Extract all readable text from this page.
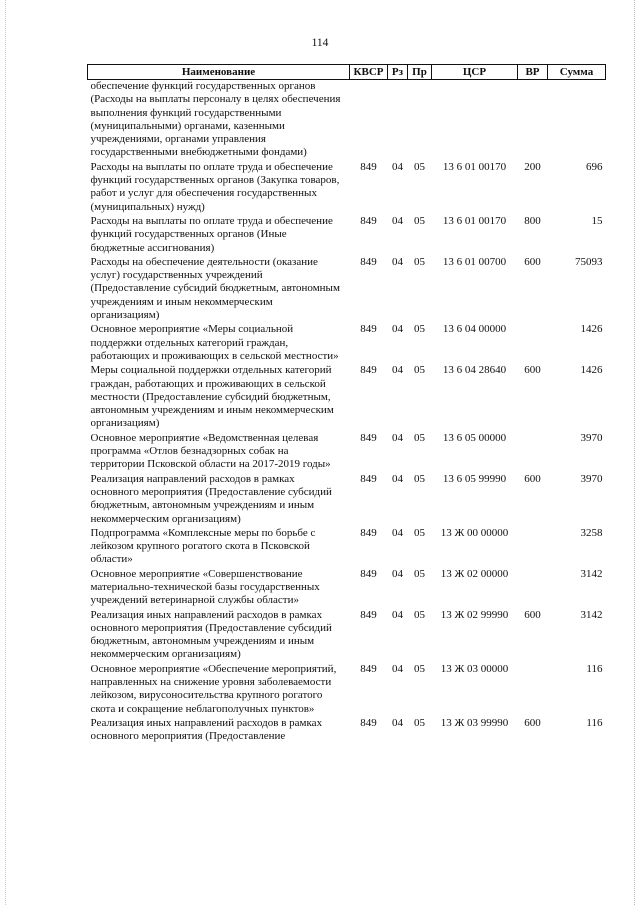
114
Наименование	КВСР	Рз	Пр	ЦСР	ВР	Сумма
обеспечение функций государственных органов (Расходы на выплаты персоналу в целях обеспечения выполнения функций государственными (муниципальными) органами, казенными учреждениями, органами управления государственными внебюджетными фондами)						
Расходы на выплаты по оплате труда и обеспечение функций государственных органов (Закупка товаров, работ и услуг для обеспечения государственных (муниципальных) нужд)	849	04	05	13 6 01 00170	200	696
Расходы на выплаты по оплате труда и обеспечение функций государственных органов (Иные бюджетные ассигнования)	849	04	05	13 6 01 00170	800	15
Расходы на обеспечение деятельности (оказание услуг) государственных учреждений (Предоставление субсидий бюджетным, автономным учреждениям и иным некоммерческим организациям)	849	04	05	13 6 01 00700	600	75093
Основное мероприятие «Меры социальной поддержки отдельных категорий граждан, работающих и проживающих в сельской местности»	849	04	05	13 6 04 00000		1426
Меры социальной поддержки отдельных категорий граждан, работающих и проживающих в сельской местности (Предоставление субсидий бюджетным, автономным учреждениям и иным некоммерческим организациям)	849	04	05	13 6 04 28640	600	1426
Основное мероприятие «Ведомственная целевая программа «Отлов безнадзорных собак на территории Псковской области на 2017-2019 годы»	849	04	05	13 6 05 00000		3970
Реализация направлений расходов в рамках основного мероприятия (Предоставление субсидий бюджетным, автономным учреждениям и иным некоммерческим организациям)	849	04	05	13 6 05 99990	600	3970
Подпрограмма «Комплексные меры по борьбе с лейкозом крупного рогатого скота в Псковской области»	849	04	05	13 Ж 00 00000		3258
Основное мероприятие «Совершенствование материально-технической базы государственных учреждений ветеринарной службы области»	849	04	05	13 Ж 02 00000		3142
Реализация иных направлений расходов в рамках основного мероприятия (Предоставление субсидий бюджетным, автономным учреждениям и иным некоммерческим организациям)	849	04	05	13 Ж 02 99990	600	3142
Основное мероприятие «Обеспечение мероприятий, направленных на снижение уровня заболеваемости лейкозом, вирусоносительства крупного рогатого скота и сокращение неблагополучных пунктов»	849	04	05	13 Ж 03 00000		116
Реализация иных направлений расходов в рамках основного мероприятия (Предоставление	849	04	05	13 Ж 03 99990	600	116
